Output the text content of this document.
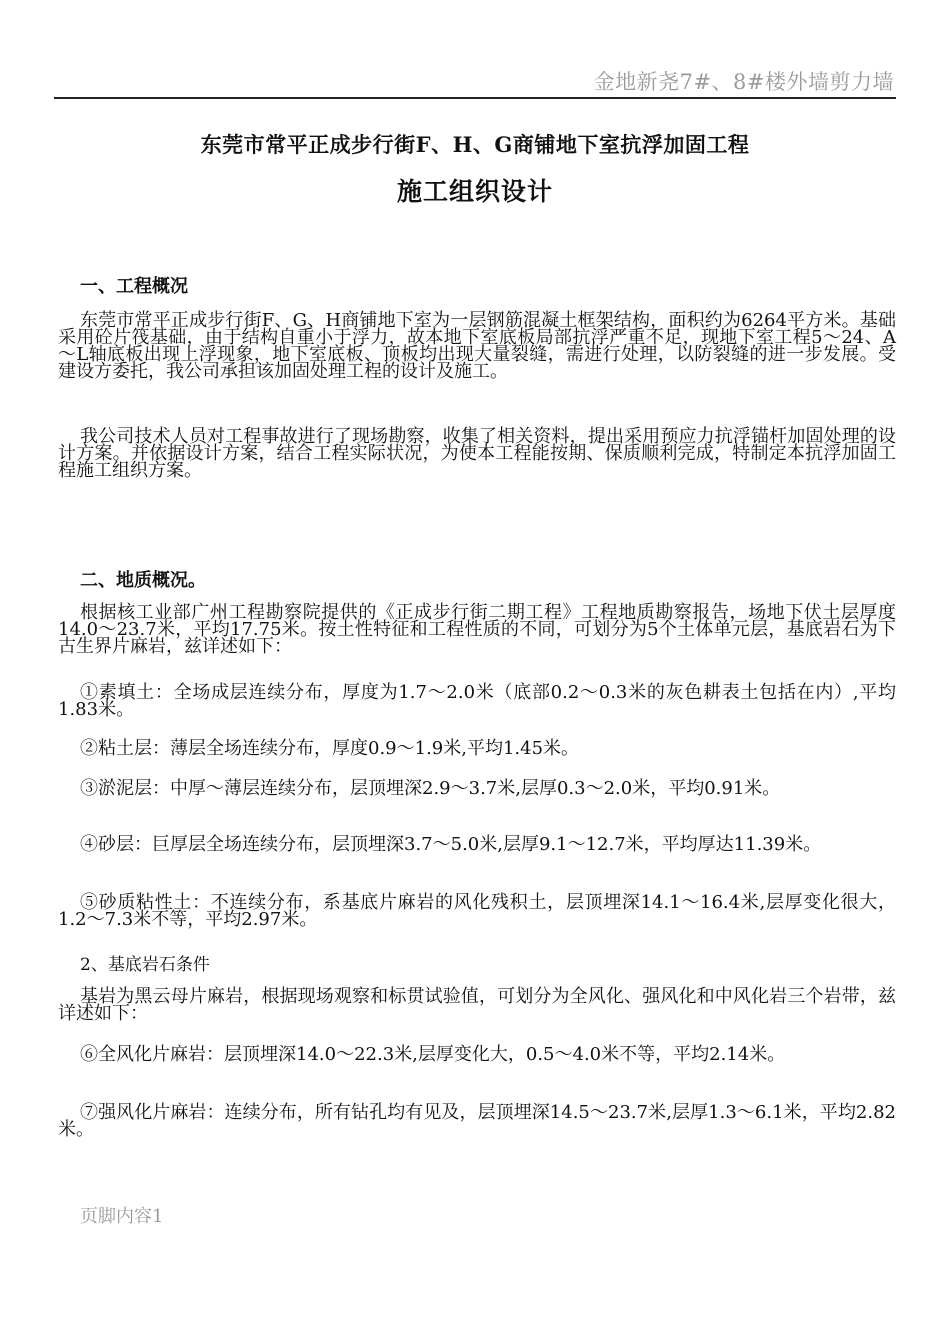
金地新尧7#、8#楼外墙剪力墙
东莞市常平正成步行街F、H、G商铺地下室抗浮加固工程
施工组织设计
一、工程概况

东莞市常平正成步行街F、G、H商铺地下室为一层钢筋混凝土框架结构，面积约为6264平方米。基础采用砼片筏基础，由于结构自重小于浮力，故本地下室底板局部抗浮严重不足，现地下室工程5～24、A～L轴底板出现上浮现象，地下室底板、顶板均出现大量裂缝，需进行处理，以防裂缝的进一步发展。受建设方委托，我公司承担该加固处理工程的设计及施工。

我公司技术人员对工程事故进行了现场勘察，收集了相关资料，提出采用预应力抗浮锚杆加固处理的设计方案。并依据设计方案，结合工程实际状况，为使本工程能按期、保质顺利完成，特制定本抗浮加固工程施工组织方案。

二、地质概况。

根据核工业部广州工程勘察院提供的《正成步行街二期工程》工程地质勘察报告，场地下伏土层厚度14.0～23.7米，平均17.75米。按土性特征和工程性质的不同，可划分为5个土体单元层，基底岩石为下古生界片麻岩，兹详述如下：

①素填土：全场成层连续分布，厚度为1.7～2.0米（底部0.2～0.3米的灰色耕表土包括在内）,平均1.83米。

②粘土层：薄层全场连续分布，厚度0.9～1.9米,平均1.45米。

③淤泥层：中厚～薄层连续分布，层顶埋深2.9～3.7米,层厚0.3～2.0米，平均0.91米。

④砂层：巨厚层全场连续分布，层顶埋深3.7～5.0米,层厚9.1～12.7米，平均厚达11.39米。

⑤砂质粘性土：不连续分布，系基底片麻岩的风化残积土，层顶埋深14.1～16.4米,层厚变化很大，1.2～7.3米不等，平均2.97米。

2、基底岩石条件

基岩为黑云母片麻岩，根据现场观察和标贯试验值，可划分为全风化、强风化和中风化岩三个岩带，兹详述如下：

⑥全风化片麻岩：层顶埋深14.0～22.3米,层厚变化大，0.5～4.0米不等，平均2.14米。

⑦强风化片麻岩：连续分布，所有钻孔均有见及，层顶埋深14.5～23.7米,层厚1.3～6.1米，平均2.82米。

页脚内容1
